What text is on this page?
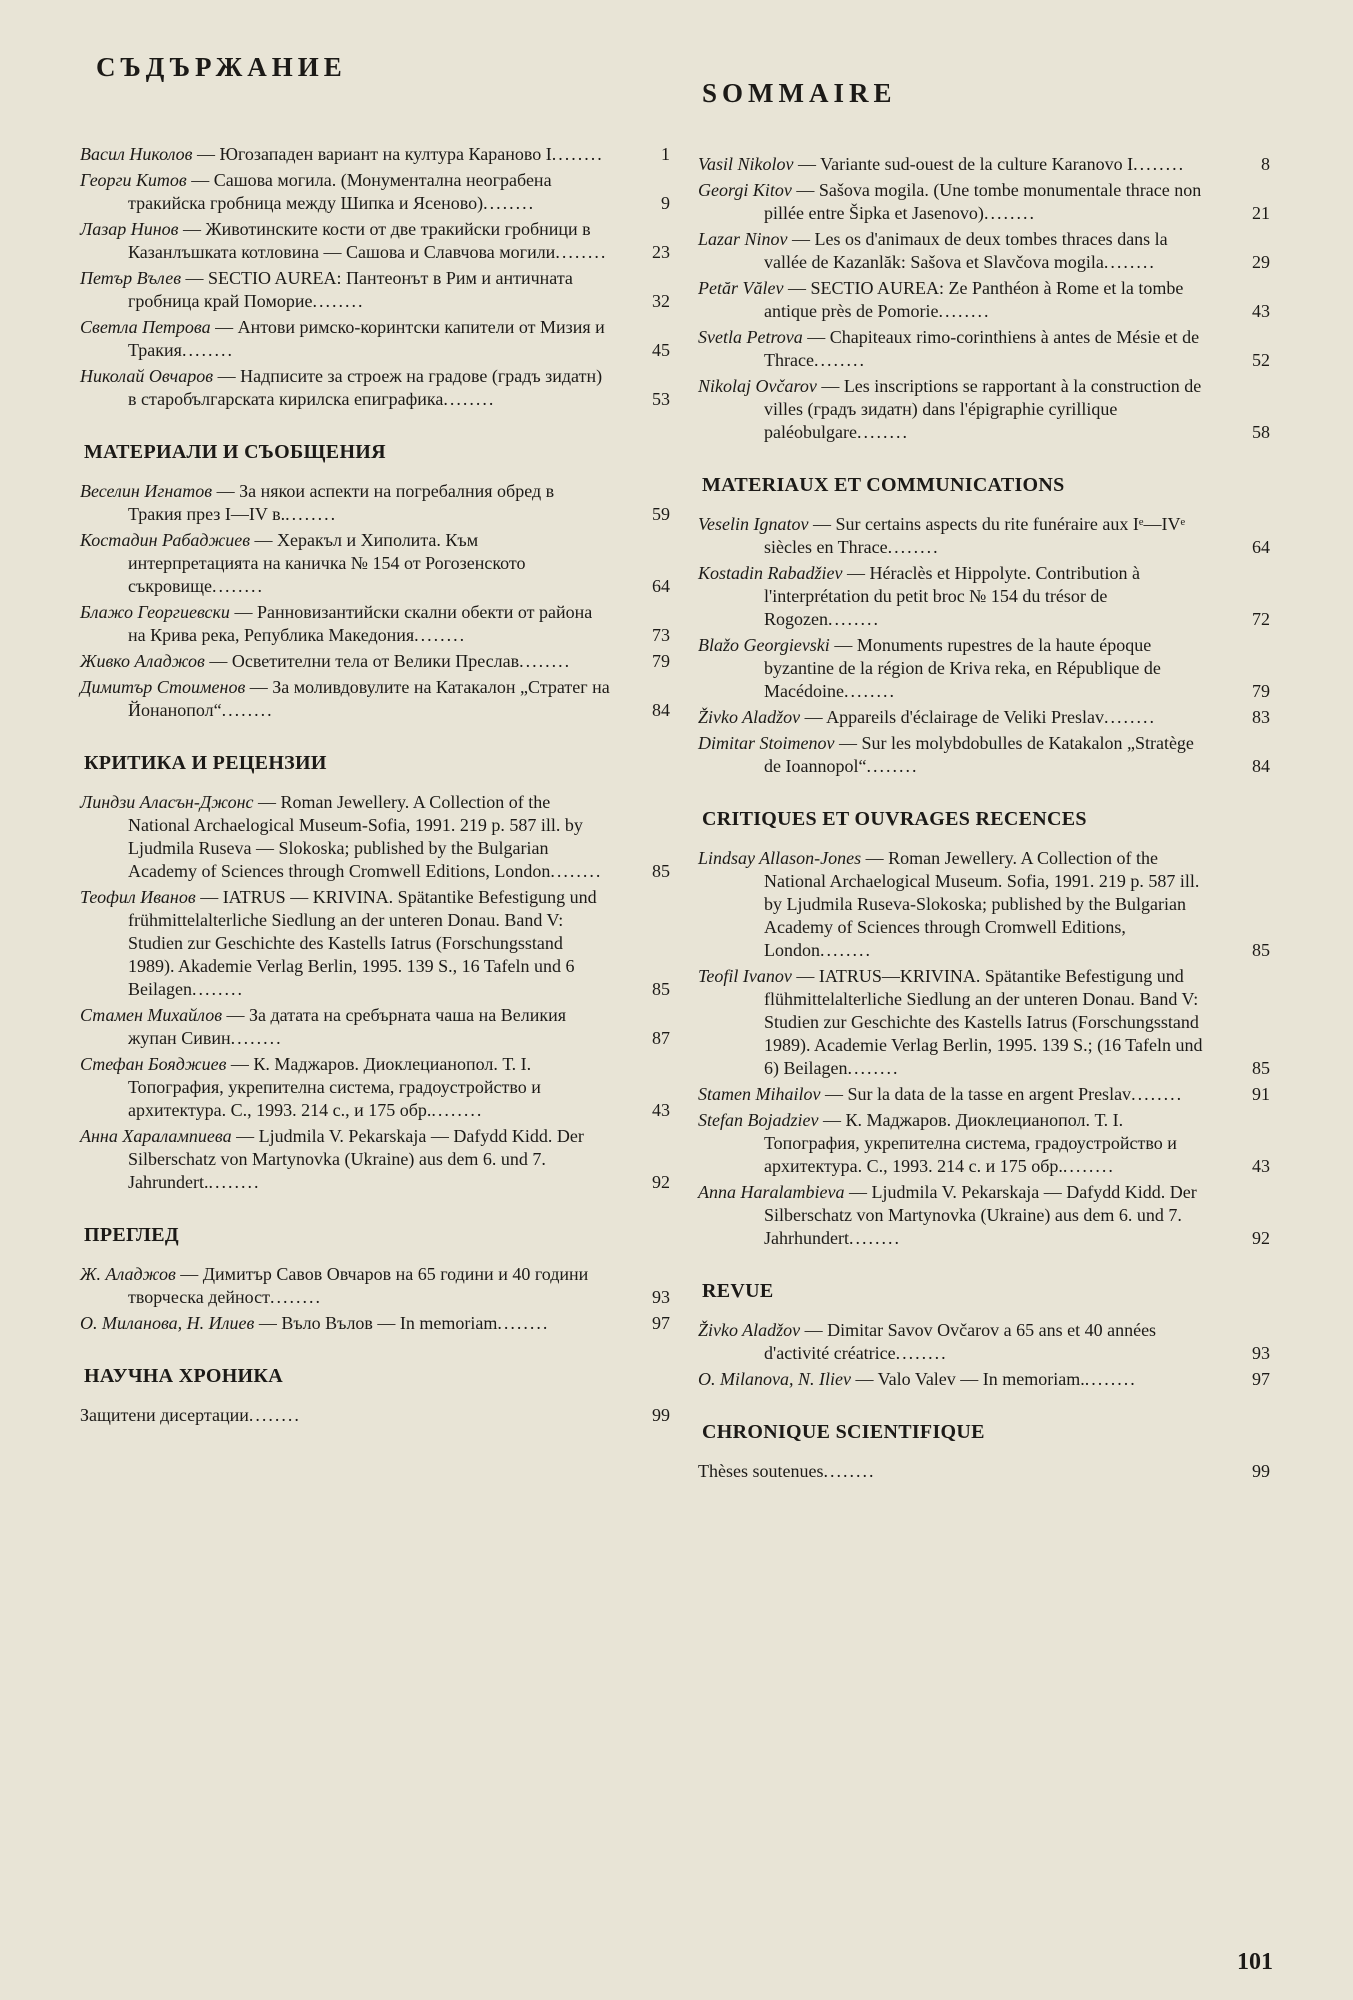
СЪДЪРЖАНИЕ
Васил Николов — Югозападен вариант на култура Караново I........	1
Георги Китов — Сашова могила. (Монументална неограбена тракийска гробница между Шипка и Ясеново)........	9
Лазар Нинов — Животинските кости от две тракийски гробници в Казанлъшката котловина — Сашова и Славчова могили........	23
Петър Вълев — SECTIO AUREA: Пантеонът в Рим и античната гробница край Поморие........	32
Светла Петрова — Антови римско-коринтски капители от Мизия и Тракия........	45
Николай Овчаров — Надписите за строеж на градове (градъ зидатн) в старобългарската кирилска епиграфика........	53
МАТЕРИАЛИ И СЪОБЩЕНИЯ
Веселин Игнатов — За някои аспекти на погребалния обред в Тракия през I—IV в.........	59
Костадин Рабаджиев — Херакъл и Хиполита. Към интерпретацията на каничка № 154 от Рогозенското съкровище........	64
Блажо Георгиевски — Ранновизантийски скални обекти от района на Крива река, Република Македония........	73
Живко Аладжов — Осветителни тела от Велики Преслав........	79
Димитър Стоименов — За моливдовулите на Катакалон „Стратег на Йонанопол“........	84
КРИТИКА И РЕЦЕНЗИИ
Линдзи Аласън-Джонс — Roman Jewellery. A Collection of the National Archaelogical Museum-Sofia, 1991. 219 p. 587 ill. by Ljudmila Ruseva — Slokoska; published by the Bulgarian Academy of Sciences through Cromwell Editions, London........	85
Теофил Иванов — IATRUS — KRIVINA. Spätantike Befestigung und frühmittelalterliche Siedlung an der unteren Donau. Band V: Studien zur Geschichte des Kastells Iatrus (Forschungsstand 1989). Akademie Verlag Berlin, 1995. 139 S., 16 Tafeln und 6 Beilagen........	85
Стамен Михайлов — За датата на сребърната чаша на Великия жупан Сивин........	87
Стефан Бояджиев — К. Маджаров. Диоклецианопол. Т. I. Топография, укрепителна система, градоустройство и архитектура. С., 1993. 214 с., и 175 обр.........	43
Анна Харалампиева — Ljudmila V. Pekarskaja — Dafydd Kidd. Der Silberschatz von Martynovka (Ukraine) aus dem 6. und 7. Jahrundert.........	92
ПРЕГЛЕД
Ж. Аладжов — Димитър Савов Овчаров на 65 години и 40 години творческа дейност........	93
О. Миланова, Н. Илиев — Въло Вълов — In memoriam........	97
НАУЧНА ХРОНИКА
Защитени дисертации........	99
SOMMAIRE
Vasil Nikolov — Variante sud-ouest de la culture Karanovo I........	8
Georgi Kitov — Sašova mogila. (Une tombe monumentale thrace non pillée entre Šipka et Jasenovo)........	21
Lazar Ninov — Les os d'animaux de deux tombes thraces dans la vallée de Kazanlăk: Sašova et Slavčova mogila........	29
Petăr Vălev — SECTIO AUREA: Ze Panthéon à Rome et la tombe antique près de Pomorie........	43
Svetla Petrova — Chapiteaux rimo-corinthiens à antes de Mésie et de Thrace........	52
Nikolaj Ovčarov — Les inscriptions se rapportant à la construction de villes (градъ зидатн) dans l'épigraphie cyrillique paléobulgare........	58
MATERIAUX ET COMMUNICATIONS
Veselin Ignatov — Sur certains aspects du rite funéraire aux Iᵉ—IVᵉ siècles en Thrace........	64
Kostadin Rabadžiev — Héraclès et Hippolyte. Contribution à l'interprétation du petit broc № 154 du trésor de Rogozen........	72
Blažo Georgievski — Monuments rupestres de la haute époque byzantine de la région de Kriva reka, en République de Macédoine........	79
Živko Aladžov — Appareils d'éclairage de Veliki Preslav........	83
Dimitar Stoimenov — Sur les molybdobulles de Katakalon „Stratège de Ioannopol“........	84
CRITIQUES ET OUVRAGES RECENCES
Lindsay Allason-Jones — Roman Jewellery. A Collection of the National Archaelogical Museum. Sofia, 1991. 219 p. 587 ill. by Ljudmila Ruseva-Slokoska; published by the Bulgarian Academy of Sciences through Cromwell Editions, London........	85
Teofil Ivanov — IATRUS—KRIVINA. Spätantike Befestigung und flühmittelalterliche Siedlung an der unteren Donau. Band V: Studien zur Geschichte des Kastells Iatrus (Forschungsstand 1989). Academie Verlag Berlin, 1995. 139 S.; (16 Tafeln und 6) Beilagen........	85
Stamen Mihailov — Sur la data de la tasse en argent Preslav........	91
Stefan Bojadziev — К. Маджаров. Диоклецианопол. Т. I. Топография, укрепителна система, градоустройство и архитектура. С., 1993. 214 с. и 175 обр.........	43
Anna Haralambieva — Ljudmila V. Pekarskaja — Dafydd Kidd. Der Silberschatz von Martynovka (Ukraine) aus dem 6. und 7. Jahrhundert........	92
REVUE
Živko Aladžov — Dimitar Savov Ovčarov a 65 ans et 40 années d'activité créatrice........	93
O. Milanova, N. Iliev — Valo Valev — In memoriam.........	97
CHRONIQUE SCIENTIFIQUE
Thèses soutenues........	99
101
